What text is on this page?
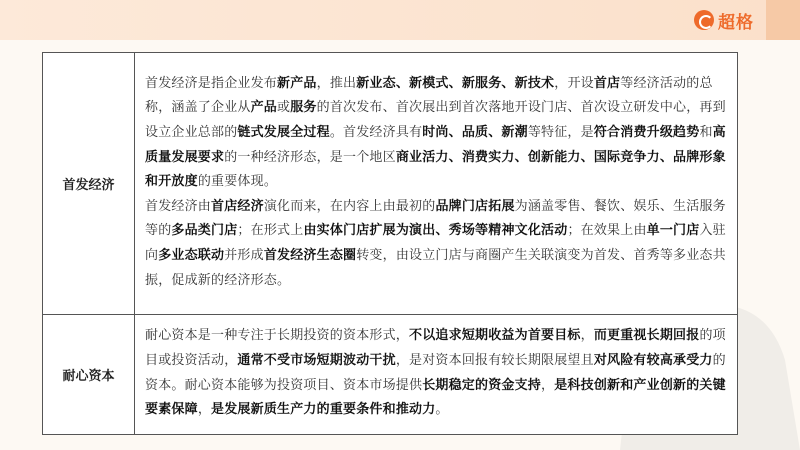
超格
首发经济	首发经济是指企业发布新产品，推出新业态、新模式、新服务、新技术，开设首店等经济活动的总称，涵盖了企业从产品或服务的首次发布、首次展出到首次落地开设门店、首次设立研发中心，再到设立企业总部的链式发展全过程。首发经济具有时尚、品质、新潮等特征，是符合消费升级趋势和高质量发展要求的一种经济形态，是一个地区商业活力、消费实力、创新能力、国际竞争力、品牌形象和开放度的重要体现。
首发经济由首店经济演化而来，在内容上由最初的品牌门店拓展为涵盖零售、餐饮、娱乐、生活服务等的多品类门店；在形式上由实体门店扩展为演出、秀场等精神文化活动；在效果上由单一门店入驻向多业态联动并形成首发经济生态圈转变，由设立门店与商圈产生关联演变为首发、首秀等多业态共振，促成新的经济形态。

耐心资本	耐心资本是一种专注于长期投资的资本形式，不以追求短期收益为首要目标，而更重视长期回报的项目或投资活动，通常不受市场短期波动干扰，是对资本回报有较长期限展望且对风险有较高承受力的资本。耐心资本能够为投资项目、资本市场提供长期稳定的资金支持，是科技创新和产业创新的关键要素保障，是发展新质生产力的重要条件和推动力。
